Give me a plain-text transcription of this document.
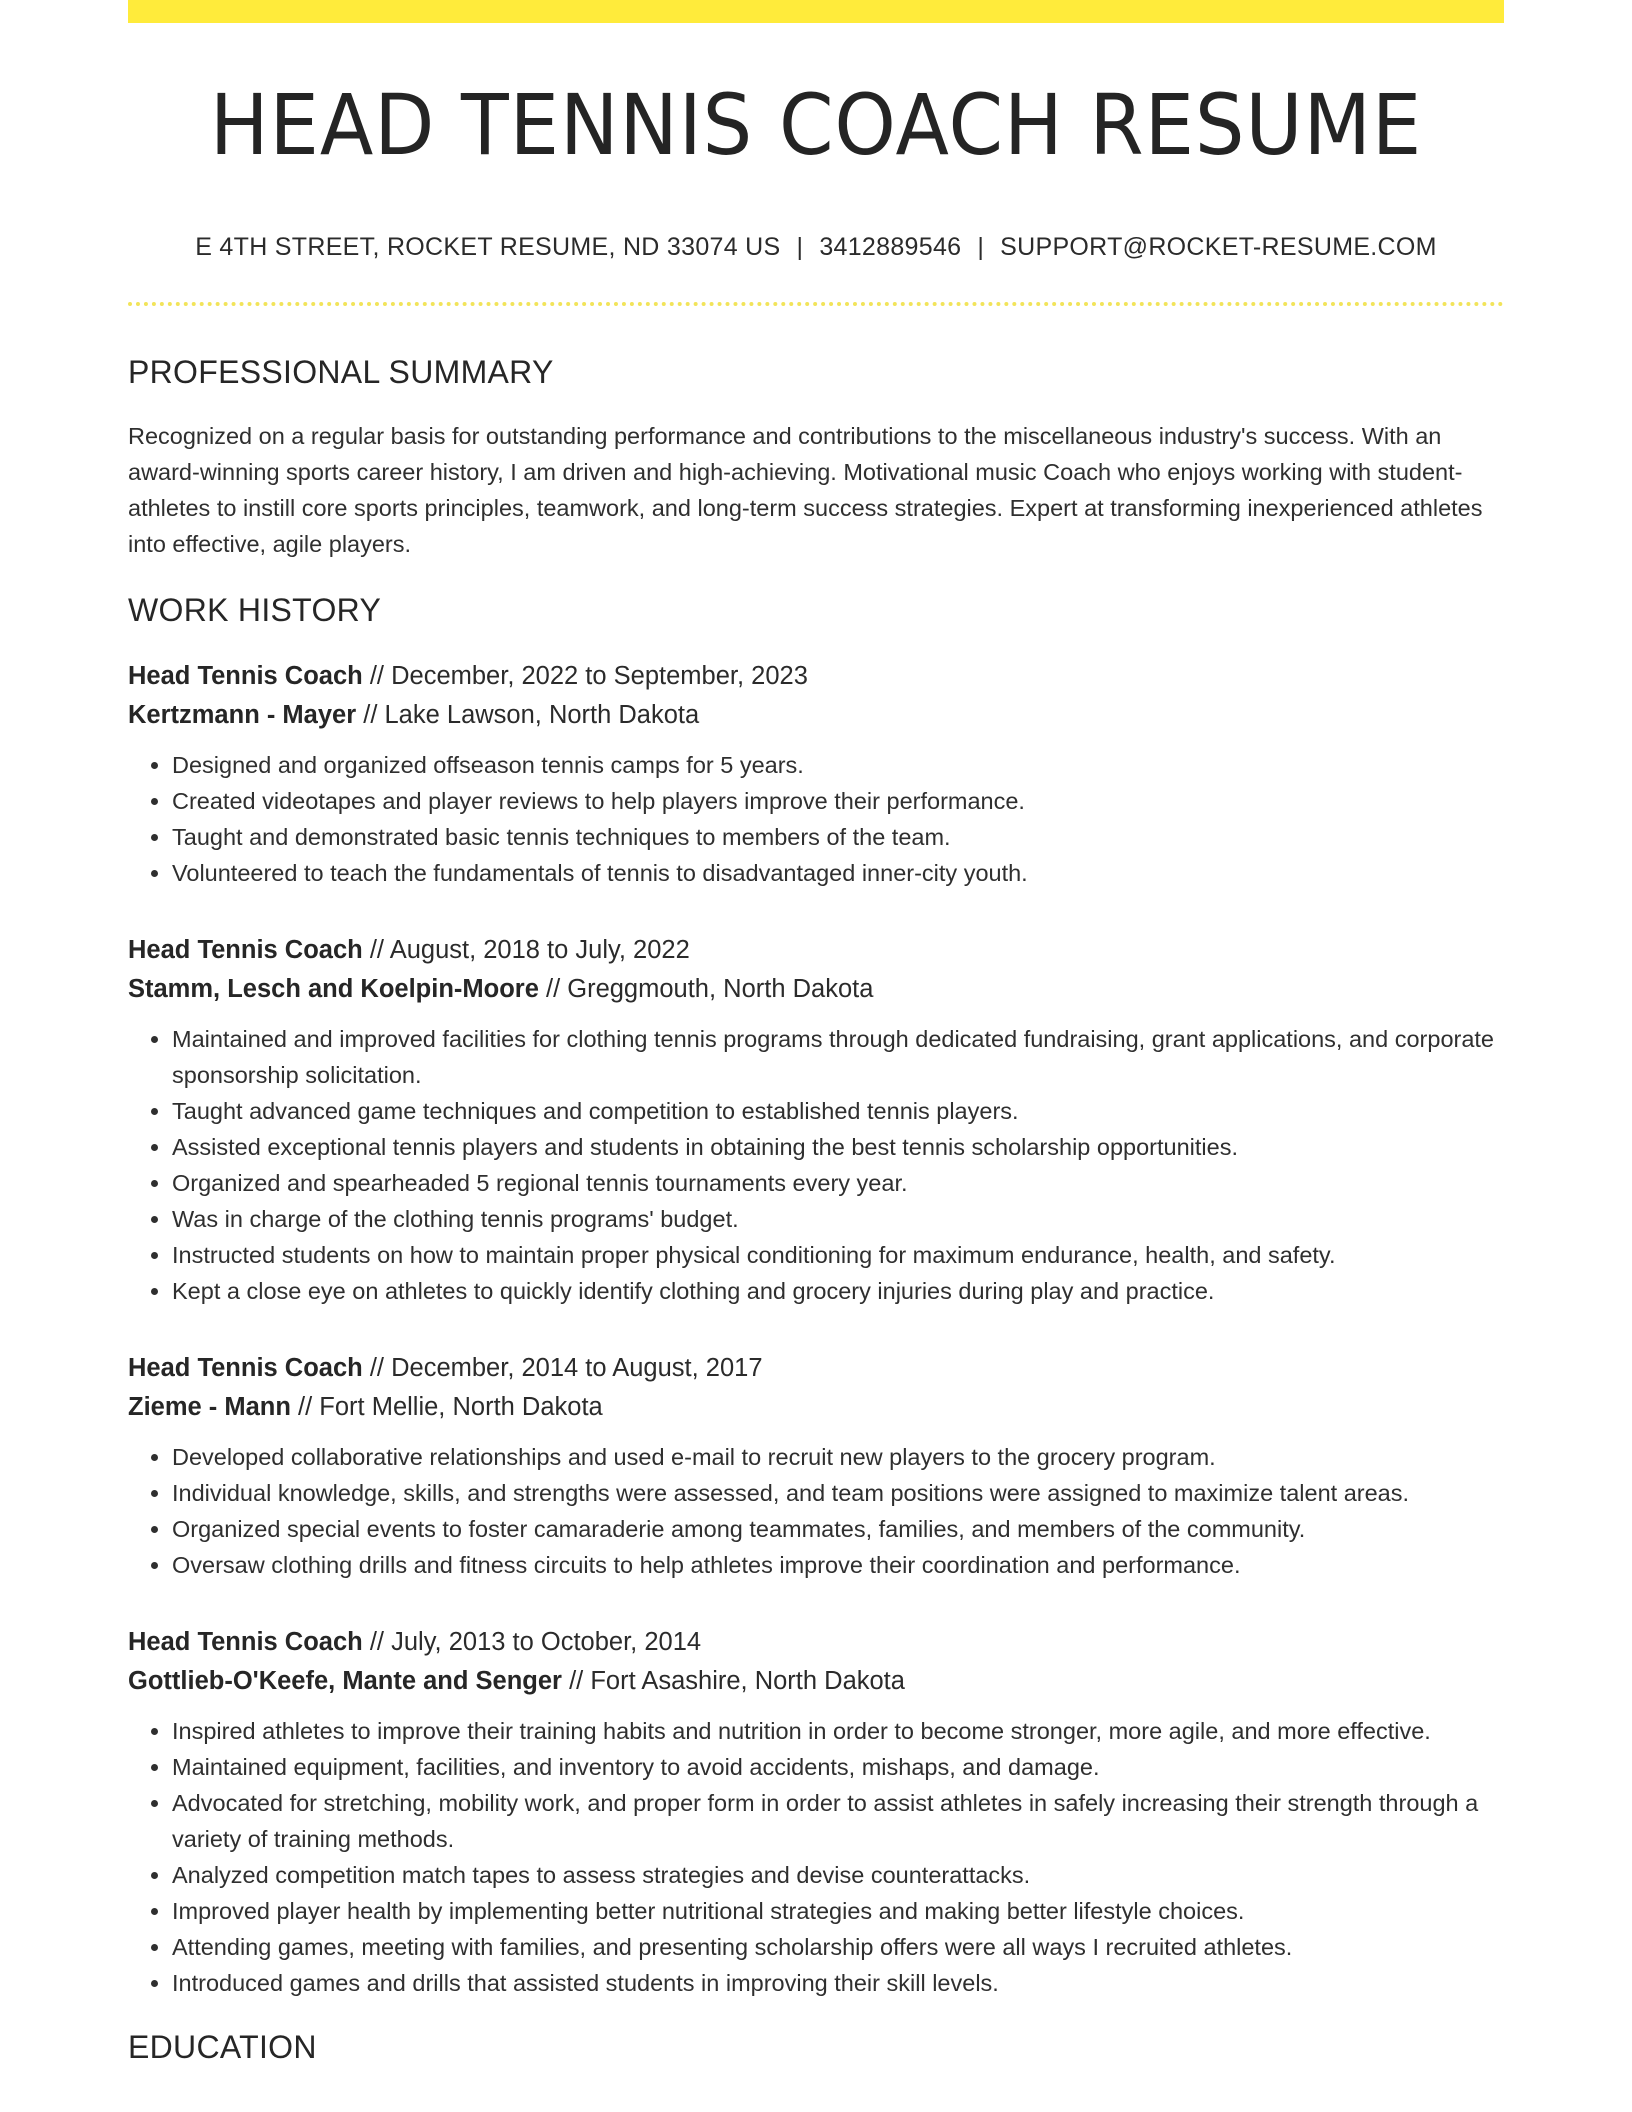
HEAD TENNIS COACH RESUME
E 4TH STREET, ROCKET RESUME, ND 33074 US | 3412889546 | SUPPORT@ROCKET-RESUME.COM
PROFESSIONAL SUMMARY

Recognized on a regular basis for outstanding performance and contributions to the miscellaneous industry's success. With an award-winning sports career history, I am driven and high-achieving. Motivational music Coach who enjoys working with student-athletes to instill core sports principles, teamwork, and long-term success strategies. Expert at transforming inexperienced athletes into effective, agile players.

WORK HISTORY
Head Tennis Coach // December, 2022 to September, 2023
Kertzmann - Mayer // Lake Lawson, North Dakota
• Designed and organized offseason tennis camps for 5 years.
• Created videotapes and player reviews to help players improve their performance.
• Taught and demonstrated basic tennis techniques to members of the team.
• Volunteered to teach the fundamentals of tennis to disadvantaged inner-city youth.
Head Tennis Coach // August, 2018 to July, 2022
Stamm, Lesch and Koelpin-Moore // Greggmouth, North Dakota
• Maintained and improved facilities for clothing tennis programs through dedicated fundraising, grant applications, and corporate sponsorship solicitation.
• Taught advanced game techniques and competition to established tennis players.
• Assisted exceptional tennis players and students in obtaining the best tennis scholarship opportunities.
• Organized and spearheaded 5 regional tennis tournaments every year.
• Was in charge of the clothing tennis programs' budget.
• Instructed students on how to maintain proper physical conditioning for maximum endurance, health, and safety.
• Kept a close eye on athletes to quickly identify clothing and grocery injuries during play and practice.
Head Tennis Coach // December, 2014 to August, 2017
Zieme - Mann // Fort Mellie, North Dakota
• Developed collaborative relationships and used e-mail to recruit new players to the grocery program.
• Individual knowledge, skills, and strengths were assessed, and team positions were assigned to maximize talent areas.
• Organized special events to foster camaraderie among teammates, families, and members of the community.
• Oversaw clothing drills and fitness circuits to help athletes improve their coordination and performance.
Head Tennis Coach // July, 2013 to October, 2014
Gottlieb-O'Keefe, Mante and Senger // Fort Asashire, North Dakota
• Inspired athletes to improve their training habits and nutrition in order to become stronger, more agile, and more effective.
• Maintained equipment, facilities, and inventory to avoid accidents, mishaps, and damage.
• Advocated for stretching, mobility work, and proper form in order to assist athletes in safely increasing their strength through a variety of training methods.
• Analyzed competition match tapes to assess strategies and devise counterattacks.
• Improved player health by implementing better nutritional strategies and making better lifestyle choices.
• Attending games, meeting with families, and presenting scholarship offers were all ways I recruited athletes.
• Introduced games and drills that assisted students in improving their skill levels.
EDUCATION
